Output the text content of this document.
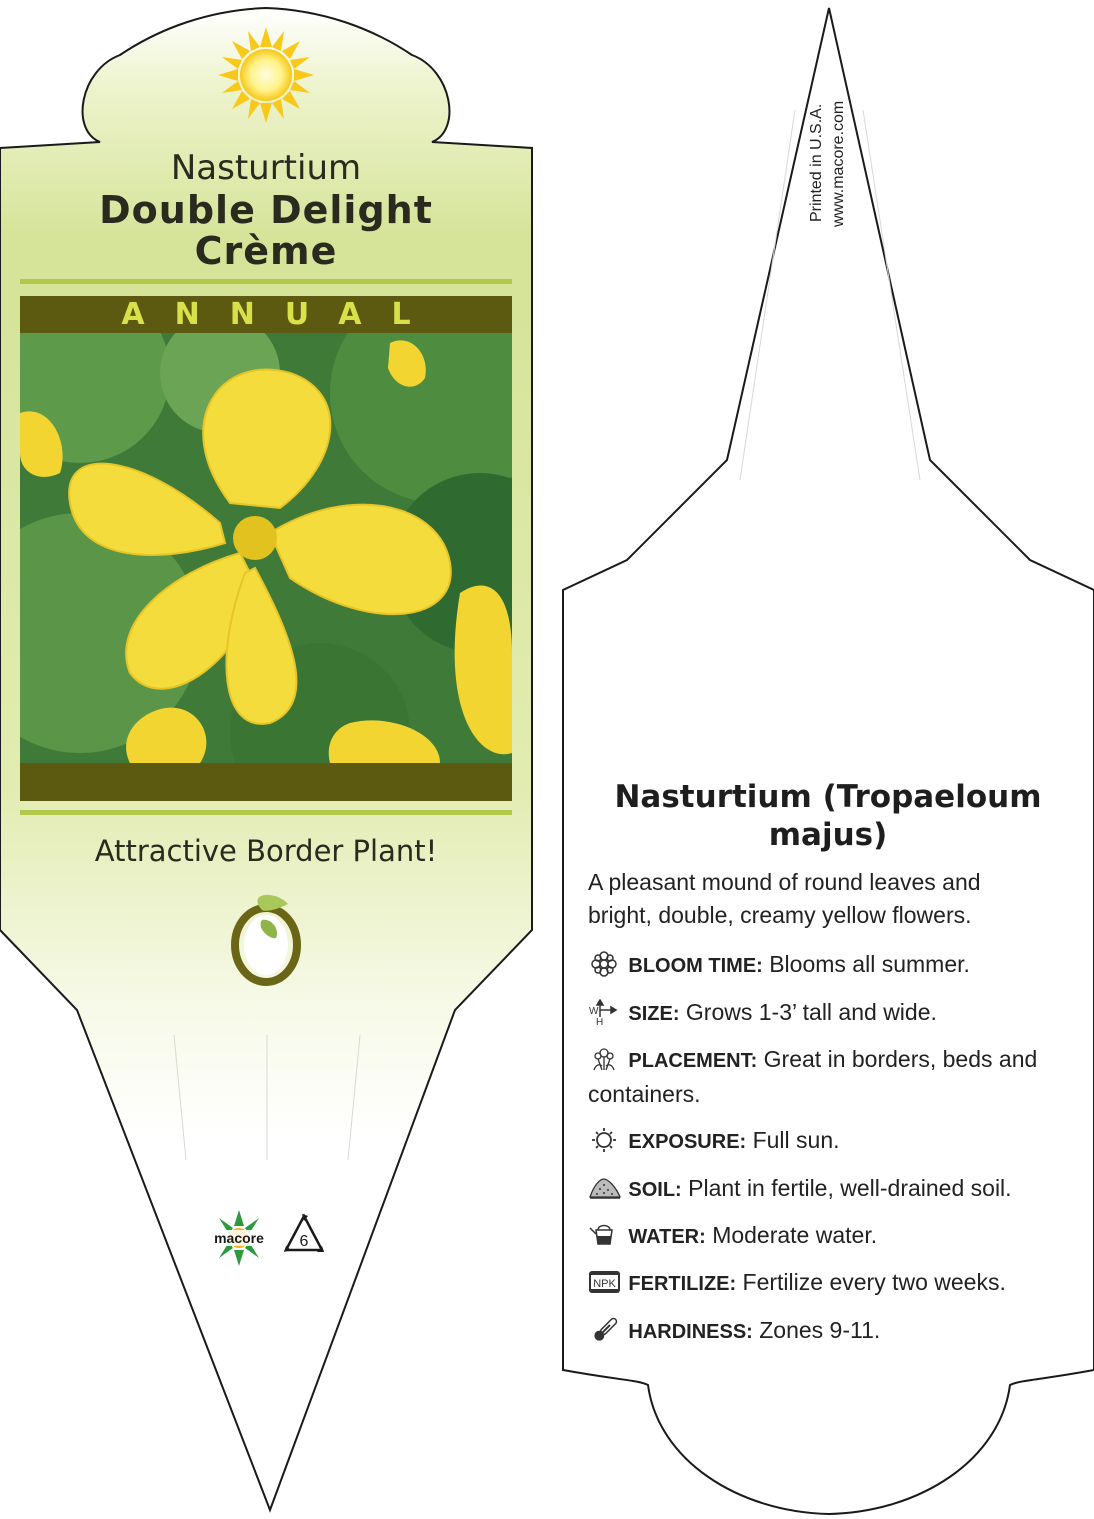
Nasturtium
Double Delight
Crème
ANNUAL
Attractive Border Plant!
macore 6
Printed in U.S.A. www.macore.com
Nasturtium (Tropaeloum majus)
A pleasant mound of round leaves and bright, double, creamy yellow flowers.
BLOOM TIME: Blooms all summer.
W
H SIZE: Grows 1-3’ tall and wide.
PLACEMENT: Great in borders, beds and containers.
EXPOSURE: Full sun.
SOIL: Plant in fertile, well-drained soil.
WATER: Moderate water.
NPK FERTILIZE: Fertilize every two weeks.
HARDINESS: Zones 9-11.
